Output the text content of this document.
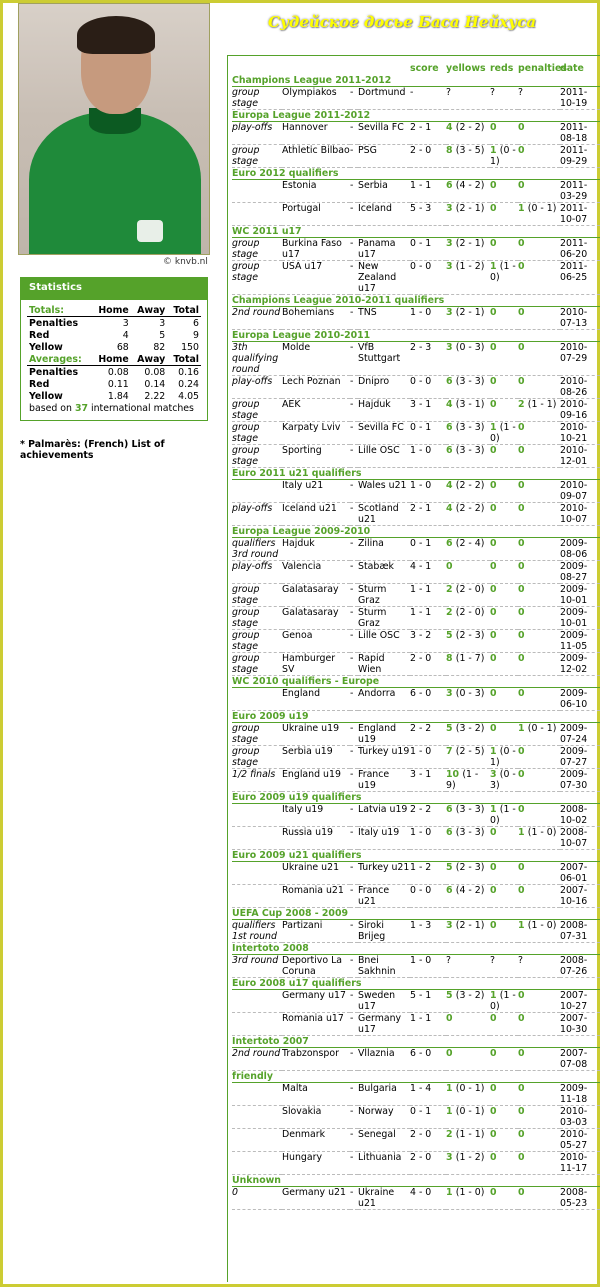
© knvb.nl
Statistics
Totals:	Home	Away	Total
Penalties	3	3	6
Red	4	5	9
Yellow	68	82	150
Averages:	Home	Away	Total
Penalties	0.08	0.08	0.16
Red	0.11	0.14	0.24
Yellow	1.84	2.22	4.05
based on 37 international matches
* Palmarès: (French) List of achievements
Судейское досье Баса Нейхуса
				score	yellows	reds	penalties	date
Champions League 2011-2012								
group stage	Olympiakos	-	Dortmund	-	?	?	?	2011-10-19
Europa League 2011-2012								
play-offs	Hannover	-	Sevilla FC	2 - 1	4 (2 - 2)	0	0	2011-08-18
group stage	Athletic Bilbao	-	PSG	2 - 0	8 (3 - 5)	1 (0 - 1)	0	2011-09-29
Euro 2012 qualifiers								
	Estonia	-	Serbia	1 - 1	6 (4 - 2)	0	0	2011-03-29
	Portugal	-	Iceland	5 - 3	3 (2 - 1)	0	1 (0 - 1)	2011-10-07
WC 2011 u17								
group stage	Burkina Faso u17	-	Panama u17	0 - 1	3 (2 - 1)	0	0	2011-06-20
group stage	USA u17	-	New Zealand u17	0 - 0	3 (1 - 2)	1 (1 - 0)	0	2011-06-25
Champions League 2010-2011 qualifiers								
2nd round	Bohemians	-	TNS	1 - 0	3 (2 - 1)	0	0	2010-07-13
Europa League 2010-2011								
3th qualifying round	Molde	-	VfB Stuttgart	2 - 3	3 (0 - 3)	0	0	2010-07-29
play-offs	Lech Poznan	-	Dnipro	0 - 0	6 (3 - 3)	0	0	2010-08-26
group stage	AEK	-	Hajduk	3 - 1	4 (3 - 1)	0	2 (1 - 1)	2010-09-16
group stage	Karpaty Lviv	-	Sevilla FC	0 - 1	6 (3 - 3)	1 (1 - 0)	0	2010-10-21
group stage	Sporting	-	Lille OSC	1 - 0	6 (3 - 3)	0	0	2010-12-01
Euro 2011 u21 qualifiers								
	Italy u21	-	Wales u21	1 - 0	4 (2 - 2)	0	0	2010-09-07
play-offs	Iceland u21	-	Scotland u21	2 - 1	4 (2 - 2)	0	0	2010-10-07
Europa League 2009-2010								
qualifiers 3rd round	Hajduk	-	Zilina	0 - 1	6 (2 - 4)	0	0	2009-08-06
play-offs	Valencia	-	Stabæk	4 - 1	0	0	0	2009-08-27
group stage	Galatasaray	-	Sturm Graz	1 - 1	2 (2 - 0)	0	0	2009-10-01
group stage	Galatasaray	-	Sturm Graz	1 - 1	2 (2 - 0)	0	0	2009-10-01
group stage	Genoa	-	Lille OSC	3 - 2	5 (2 - 3)	0	0	2009-11-05
group stage	Hamburger SV	-	Rapid Wien	2 - 0	8 (1 - 7)	0	0	2009-12-02
WC 2010 qualifiers - Europe								
	England	-	Andorra	6 - 0	3 (0 - 3)	0	0	2009-06-10
Euro 2009 u19								
group stage	Ukraine u19	-	England u19	2 - 2	5 (3 - 2)	0	1 (0 - 1)	2009-07-24
group stage	Serbia u19	-	Turkey u19	1 - 0	7 (2 - 5)	1 (0 - 1)	0	2009-07-27
1/2 finals	England u19	-	France u19	3 - 1	10 (1 - 9)	3 (0 - 3)	0	2009-07-30
Euro 2009 u19 qualifiers								
	Italy u19	-	Latvia u19	2 - 2	6 (3 - 3)	1 (1 - 0)	0	2008-10-02
	Russia u19	-	Italy u19	1 - 0	6 (3 - 3)	0	1 (1 - 0)	2008-10-07
Euro 2009 u21 qualifiers								
	Ukraine u21	-	Turkey u21	1 - 2	5 (2 - 3)	0	0	2007-06-01
	Romania u21	-	France u21	0 - 0	6 (4 - 2)	0	0	2007-10-16
UEFA Cup 2008 - 2009								
qualifiers 1st round	Partizani	-	Siroki Brijeg	1 - 3	3 (2 - 1)	0	1 (1 - 0)	2008-07-31
Intertoto 2008								
3rd round	Deportivo La Coruna	-	Bnei Sakhnin	1 - 0	?	?	?	2008-07-26
Euro 2008 u17 qualifiers								
	Germany u17	-	Sweden u17	5 - 1	5 (3 - 2)	1 (1 - 0)	0	2007-10-27
	Romania u17	-	Germany u17	1 - 1	0	0	0	2007-10-30
Intertoto 2007								
2nd round	Trabzonspor	-	Vllaznia	6 - 0	0	0	0	2007-07-08
friendly								
	Malta	-	Bulgaria	1 - 4	1 (0 - 1)	0	0	2009-11-18
	Slovakia	-	Norway	0 - 1	1 (0 - 1)	0	0	2010-03-03
	Denmark	-	Senegal	2 - 0	2 (1 - 1)	0	0	2010-05-27
	Hungary	-	Lithuania	2 - 0	3 (1 - 2)	0	0	2010-11-17
Unknown								
0	Germany u21	-	Ukraine u21	4 - 0	1 (1 - 0)	0	0	2008-05-23
